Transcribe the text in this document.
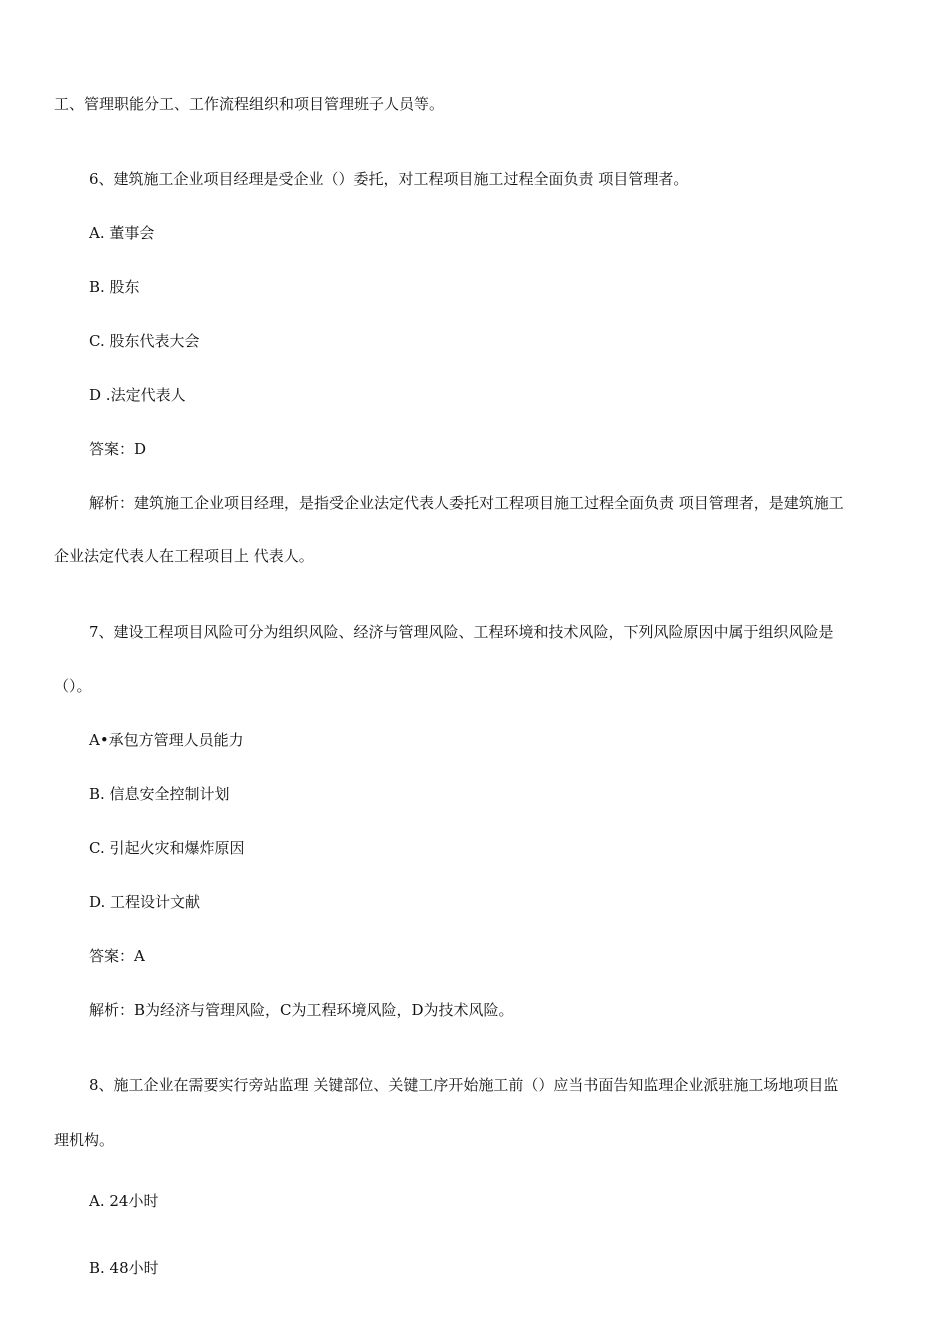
工、管理职能分工、工作流程组织和项目管理班子人员等。

6、建筑施工企业项目经理是受企业（）委托，对工程项目施工过程全面负责 项目管理者。

A. 董事会

B. 股东

C. 股东代表大会

D .法定代表人

答案：D

解析：建筑施工企业项目经理，是指受企业法定代表人委托对工程项目施工过程全面负责 项目管理者，是建筑施工

企业法定代表人在工程项目上 代表人。

7、建设工程项目风险可分为组织风险、经济与管理风险、工程环境和技术风险，下列风险原因中属于组织风险是

（）。

A•承包方管理人员能力

B. 信息安全控制计划

C. 引起火灾和爆炸原因

D. 工程设计文献

答案：A

解析：B为经济与管理风险，C为工程环境风险，D为技术风险。

8、施工企业在需要实行旁站监理 关键部位、关键工序开始施工前（）应当书面告知监理企业派驻施工场地项目监

理机构。

A. 24小时

B. 48小时
